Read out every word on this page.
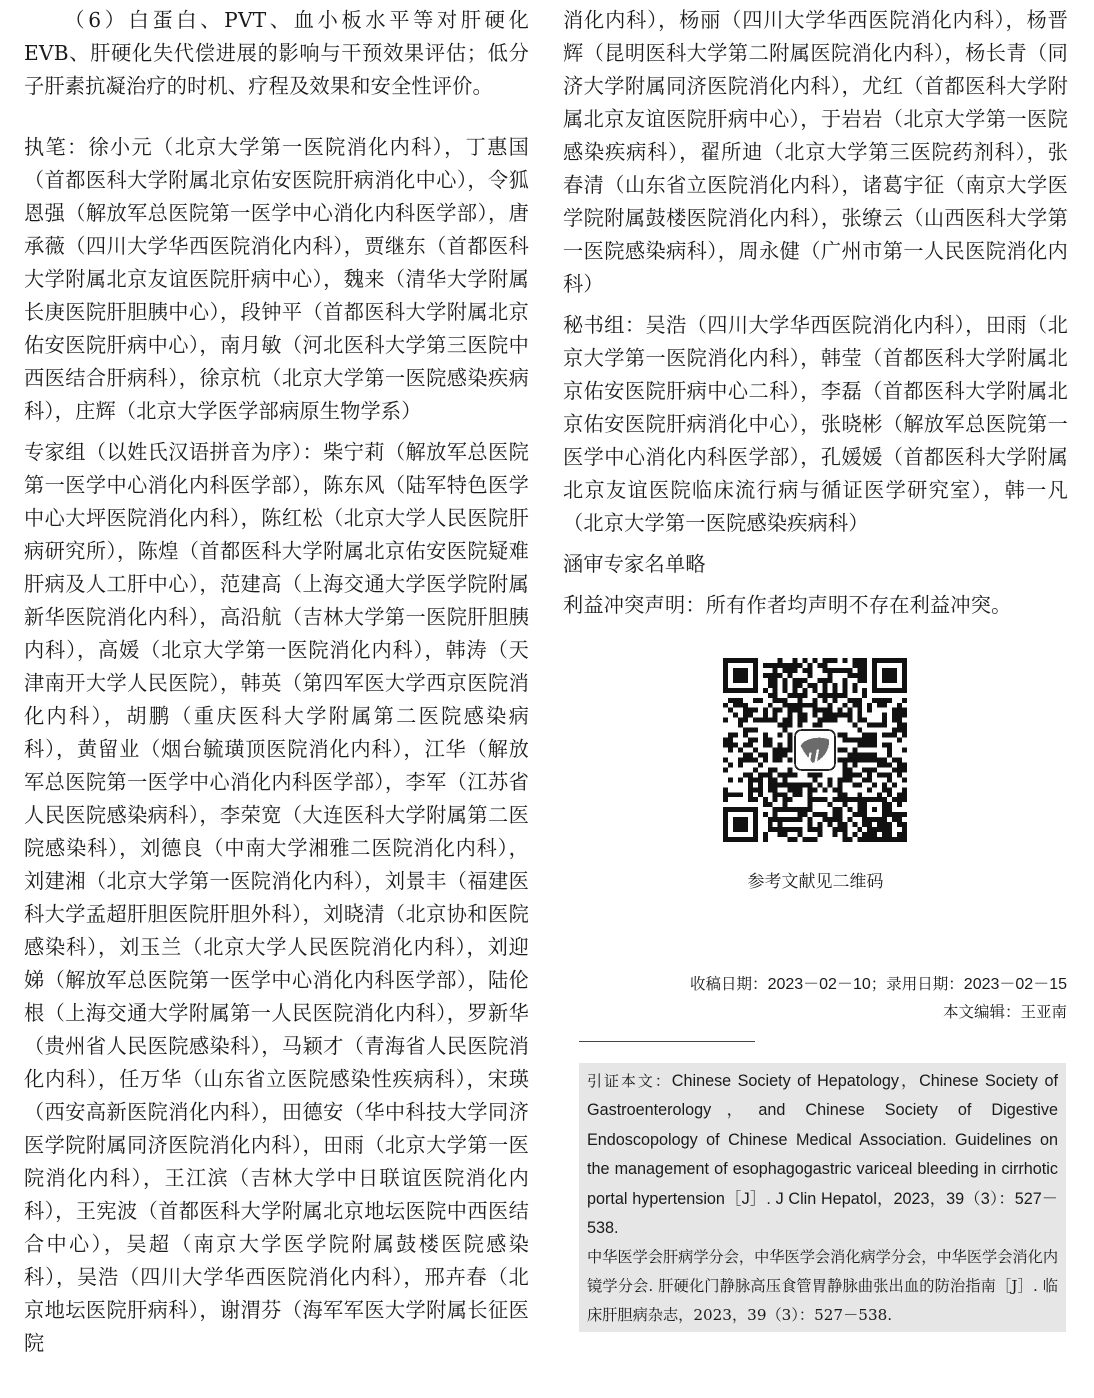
（6）白蛋白、PVT、血小板水平等对肝硬化EVB、肝硬化失代偿进展的影响与干预效果评估；低分子肝素抗凝治疗的时机、疗程及效果和安全性评价。

执笔：徐小元（北京大学第一医院消化内科），丁惠国（首都医科大学附属北京佑安医院肝病消化中心），令狐恩强（解放军总医院第一医学中心消化内科医学部），唐承薇（四川大学华西医院消化内科），贾继东（首都医科大学附属北京友谊医院肝病中心），魏来（清华大学附属长庚医院肝胆胰中心），段钟平（首都医科大学附属北京佑安医院肝病中心），南月敏（河北医科大学第三医院中西医结合肝病科），徐京杭（北京大学第一医院感染疾病科），庄辉（北京大学医学部病原生物学系）

专家组（以姓氏汉语拼音为序）：柴宁莉（解放军总医院第一医学中心消化内科医学部），陈东风（陆军特色医学中心大坪医院消化内科），陈红松（北京大学人民医院肝病研究所），陈煌（首都医科大学附属北京佑安医院疑难肝病及人工肝中心），范建高（上海交通大学医学院附属新华医院消化内科），高沿航（吉林大学第一医院肝胆胰内科），高媛（北京大学第一医院消化内科），韩涛（天津南开大学人民医院），韩英（第四军医大学西京医院消化内科），胡鹏（重庆医科大学附属第二医院感染病科），黄留业（烟台毓璜顶医院消化内科），江华（解放军总医院第一医学中心消化内科医学部），李军（江苏省人民医院感染病科），李荣宽（大连医科大学附属第二医院感染科），刘德良（中南大学湘雅二医院消化内科），刘建湘（北京大学第一医院消化内科），刘景丰（福建医科大学孟超肝胆医院肝胆外科），刘晓清（北京协和医院感染科），刘玉兰（北京大学人民医院消化内科），刘迎娣（解放军总医院第一医学中心消化内科医学部），陆伦根（上海交通大学附属第一人民医院消化内科），罗新华（贵州省人民医院感染科），马颖才（青海省人民医院消化内科），任万华（山东省立医院感染性疾病科），宋瑛（西安高新医院消化内科），田德安（华中科技大学同济医学院附属同济医院消化内科），田雨（北京大学第一医院消化内科），王江滨（吉林大学中日联谊医院消化内科），王宪波（首都医科大学附属北京地坛医院中西医结合中心），吴超（南京大学医学院附属鼓楼医院感染科），吴浩（四川大学华西医院消化内科），邢卉春（北京地坛医院肝病科），谢渭芬（海军军医大学附属长征医院

消化内科），杨丽（四川大学华西医院消化内科），杨晋辉（昆明医科大学第二附属医院消化内科），杨长青（同济大学附属同济医院消化内科），尤红（首都医科大学附属北京友谊医院肝病中心），于岩岩（北京大学第一医院感染疾病科），翟所迪（北京大学第三医院药剂科），张春清（山东省立医院消化内科），诸葛宇征（南京大学医学院附属鼓楼医院消化内科），张缭云（山西医科大学第一医院感染病科），周永健（广州市第一人民医院消化内科）

秘书组：吴浩（四川大学华西医院消化内科），田雨（北京大学第一医院消化内科），韩莹（首都医科大学附属北京佑安医院肝病中心二科），李磊（首都医科大学附属北京佑安医院肝病消化中心），张晓彬（解放军总医院第一医学中心消化内科医学部），孔媛媛（首都医科大学附属北京友谊医院临床流行病与循证医学研究室），韩一凡（北京大学第一医院感染疾病科）

涵审专家名单略

利益冲突声明：所有作者均声明不存在利益冲突。

参考文献见二维码
收稿日期：2023－02－10；录用日期：2023－02－15
本文编辑：王亚南

引证本文：Chinese Society of Hepatology，Chinese Society of Gastroenterology，and Chinese Society of Digestive Endoscopology of Chinese Medical Association. Guidelines on the management of esophagogastric variceal bleeding in cirrhotic portal hypertension［J］. J Clin Hepatol，2023，39（3）：527－538.

中华医学会肝病学分会，中华医学会消化病学分会，中华医学会消化内镜学分会. 肝硬化门静脉高压食管胃静脉曲张出血的防治指南［J］. 临床肝胆病杂志，2023，39（3）：527－538.
